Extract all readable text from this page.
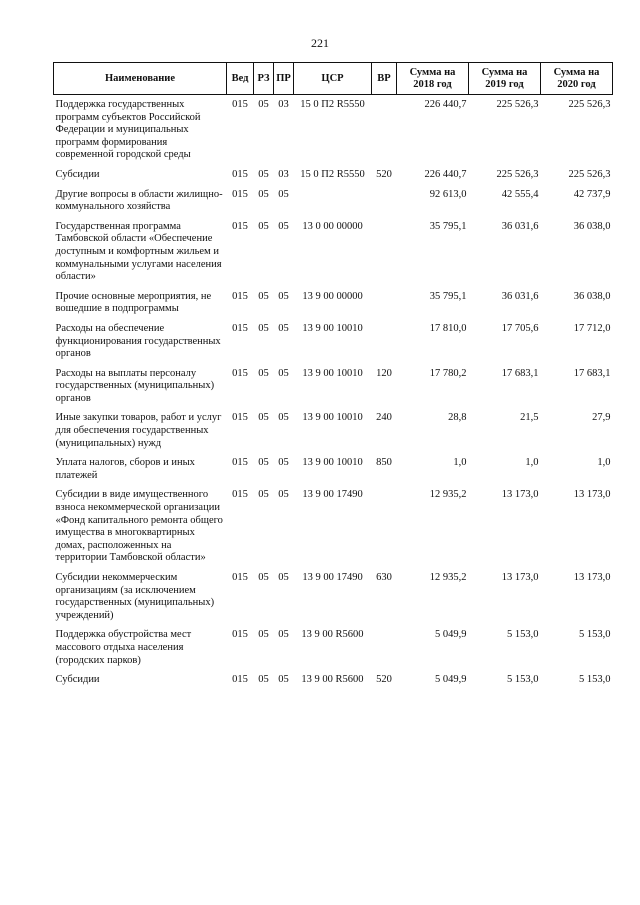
221
Наименование	Вед	РЗ	ПР	ЦСР	ВР	Сумма на 2018 год	Сумма на 2019 год	Сумма на 2020 год
Поддержка государственных программ субъектов Российской Федерации и муниципальных программ формирования современной городской среды	015	05	03	15 0 П2 R5550		226 440,7	225 526,3	225 526,3
Субсидии	015	05	03	15 0 П2 R5550	520	226 440,7	225 526,3	225 526,3
Другие вопросы в области жилищно-коммунального хозяйства	015	05	05			92 613,0	42 555,4	42 737,9
Государственная программа Тамбовской области «Обеспечение доступным и комфортным жильем и коммунальными услугами населения области»	015	05	05	13 0 00 00000		35 795,1	36 031,6	36 038,0
Прочие основные мероприятия, не вошедшие в подпрограммы	015	05	05	13 9 00 00000		35 795,1	36 031,6	36 038,0
Расходы на обеспечение функционирования государственных органов	015	05	05	13 9 00 10010		17 810,0	17 705,6	17 712,0
Расходы на выплаты персоналу государственных (муниципальных) органов	015	05	05	13 9 00 10010	120	17 780,2	17 683,1	17 683,1
Иные закупки товаров, работ и услуг для обеспечения государственных (муниципальных) нужд	015	05	05	13 9 00 10010	240	28,8	21,5	27,9
Уплата налогов, сборов и иных платежей	015	05	05	13 9 00 10010	850	1,0	1,0	1,0
Субсидии в виде имущественного взноса некоммерческой организации «Фонд капитального ремонта общего имущества в многоквартирных домах, расположенных на территории Тамбовской области»	015	05	05	13 9 00 17490		12 935,2	13 173,0	13 173,0
Субсидии некоммерческим организациям (за исключением государственных (муниципальных) учреждений)	015	05	05	13 9 00 17490	630	12 935,2	13 173,0	13 173,0
Поддержка обустройства мест массового отдыха населения (городских парков)	015	05	05	13 9 00 R5600		5 049,9	5 153,0	5 153,0
Субсидии	015	05	05	13 9 00 R5600	520	5 049,9	5 153,0	5 153,0
